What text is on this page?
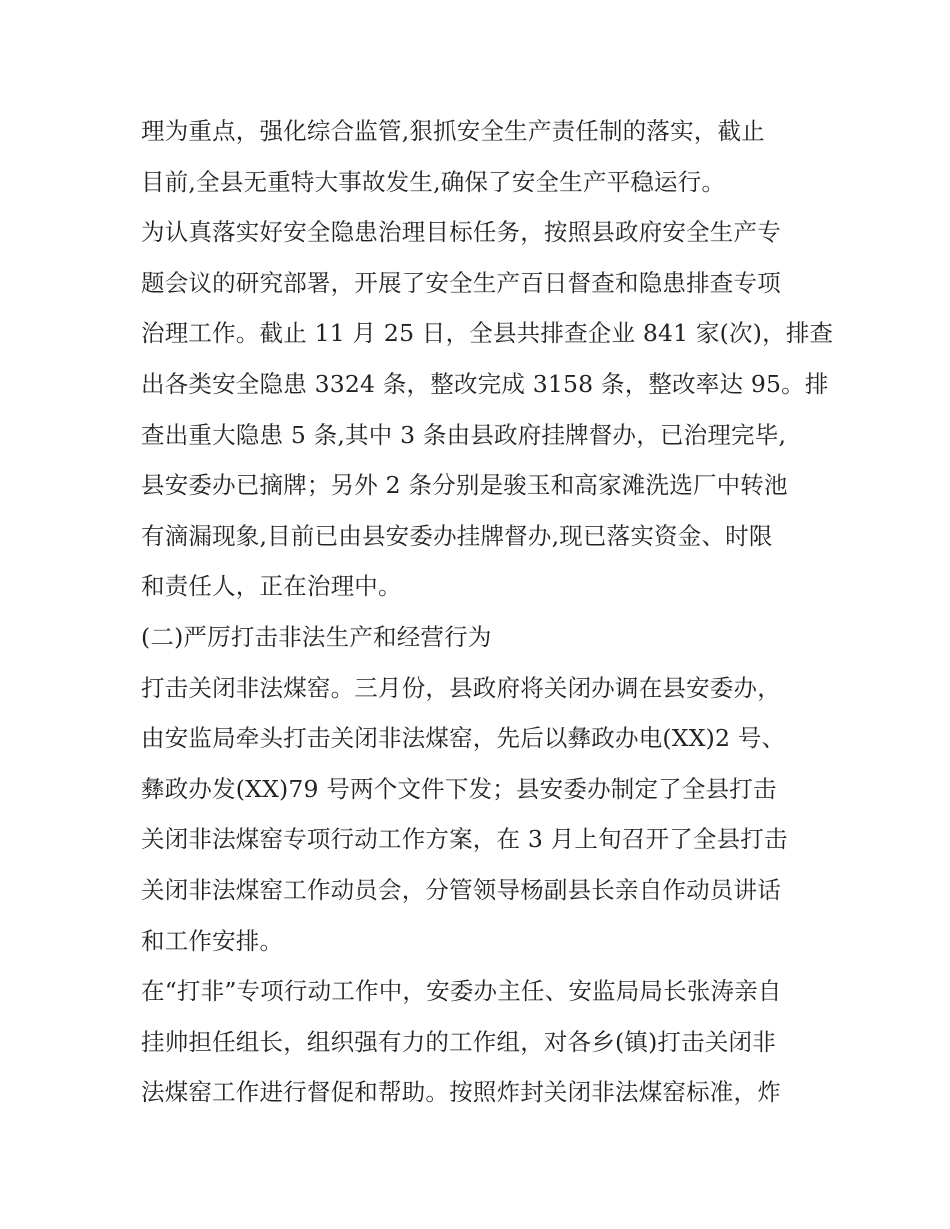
理为重点，强化综合监管,狠抓安全生产责任制的落实，截止
目前,全县无重特大事故发生,确保了安全生产平稳运行。
为认真落实好安全隐患治理目标任务，按照县政府安全生产专
题会议的研究部署，开展了安全生产百日督查和隐患排查专项
治理工作。截止 11 月 25 日，全县共排查企业 841 家(次)，排查
出各类安全隐患 3324 条，整改完成 3158 条，整改率达 95。排
查出重大隐患 5 条,其中 3 条由县政府挂牌督办，已治理完毕,
县安委办已摘牌；另外 2 条分别是骏玉和高家滩洗选厂中转池
有滴漏现象,目前已由县安委办挂牌督办,现已落实资金、时限
和责任人，正在治理中。
(二)严厉打击非法生产和经营行为
打击关闭非法煤窑。三月份，县政府将关闭办调在县安委办，
由安监局牵头打击关闭非法煤窑，先后以彝政办电(XX)2 号、
彝政办发(XX)79 号两个文件下发；县安委办制定了全县打击
关闭非法煤窑专项行动工作方案，在 3 月上旬召开了全县打击
关闭非法煤窑工作动员会，分管领导杨副县长亲自作动员讲话
和工作安排。
在“打非”专项行动工作中，安委办主任、安监局局长张涛亲自
挂帅担任组长，组织强有力的工作组，对各乡(镇)打击关闭非
法煤窑工作进行督促和帮助。按照炸封关闭非法煤窑标准，炸
